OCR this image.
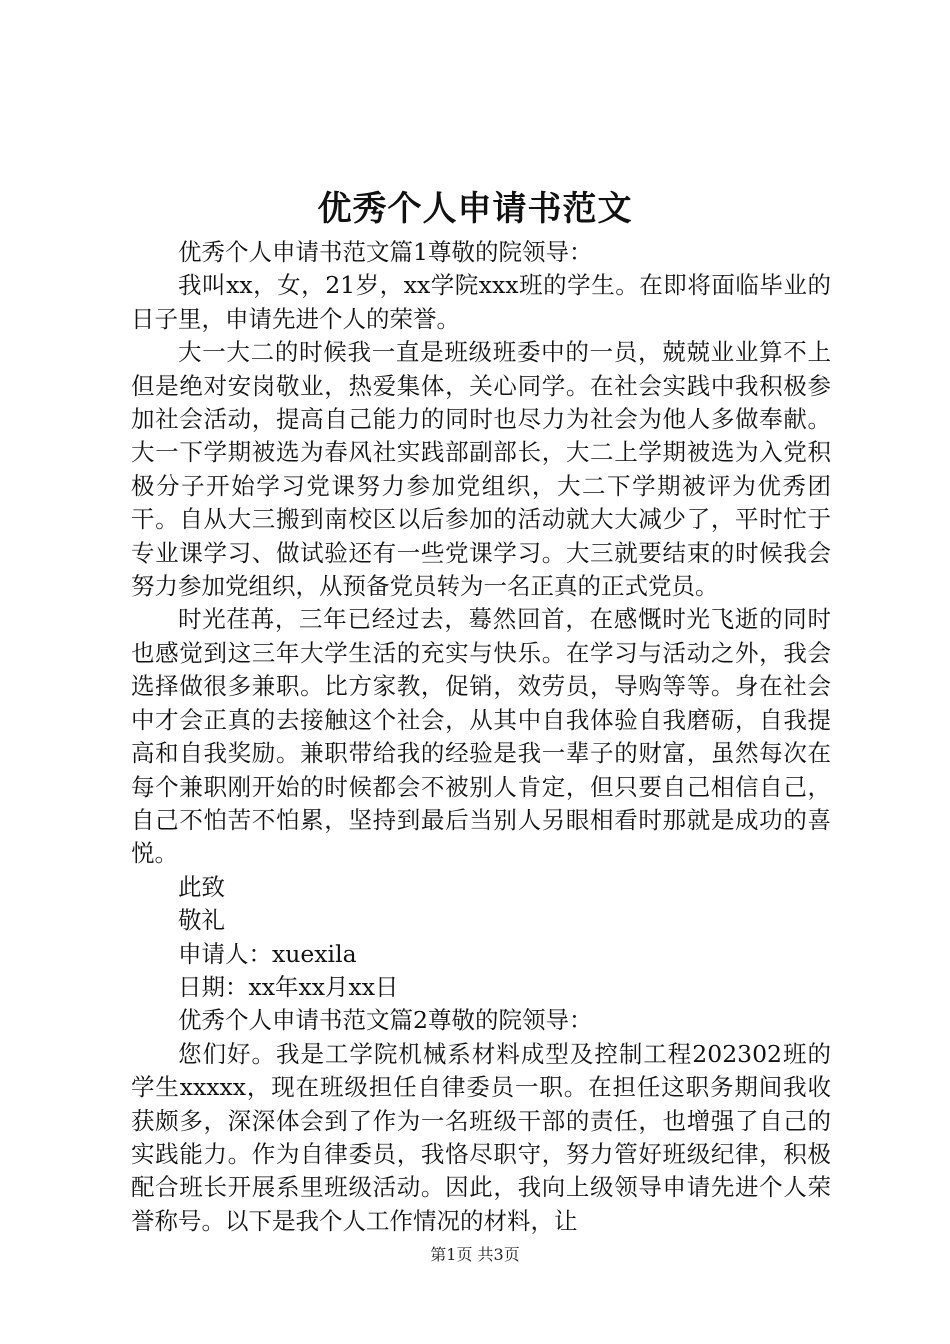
优秀个人申请书范文

优秀个人申请书范文篇1尊敬的院领导：

我叫xx，女，21岁，xx学院xxx班的学生。在即将面临毕业的日子里，申请先进个人的荣誉。

大一大二的时候我一直是班级班委中的一员，兢兢业业算不上但是绝对安岗敬业，热爱集体，关心同学。在社会实践中我积极参加社会活动，提高自己能力的同时也尽力为社会为他人多做奉献。大一下学期被选为春风社实践部副部长，大二上学期被选为入党积极分子开始学习党课努力参加党组织，大二下学期被评为优秀团干。自从大三搬到南校区以后参加的活动就大大减少了，平时忙于专业课学习、做试验还有一些党课学习。大三就要结束的时候我会努力参加党组织，从预备党员转为一名正真的正式党员。

时光荏苒，三年已经过去，蓦然回首，在感慨时光飞逝的同时也感觉到这三年大学生活的充实与快乐。在学习与活动之外，我会选择做很多兼职。比方家教，促销，效劳员，导购等等。身在社会中才会正真的去接触这个社会，从其中自我体验自我磨砺，自我提高和自我奖励。兼职带给我的经验是我一辈子的财富，虽然每次在每个兼职刚开始的时候都会不被别人肯定，但只要自己相信自己，自己不怕苦不怕累，坚持到最后当别人另眼相看时那就是成功的喜悦。

此致

敬礼

申请人：xuexila

日期：xx年xx月xx日

优秀个人申请书范文篇2尊敬的院领导：

您们好。我是工学院机械系材料成型及控制工程202302班的学生xxxxx，现在班级担任自律委员一职。在担任这职务期间我收获颇多，深深体会到了作为一名班级干部的责任，也增强了自己的实践能力。作为自律委员，我恪尽职守，努力管好班级纪律，积极配合班长开展系里班级活动。因此，我向上级领导申请先进个人荣誉称号。以下是我个人工作情况的材料，让

第1页 共3页
